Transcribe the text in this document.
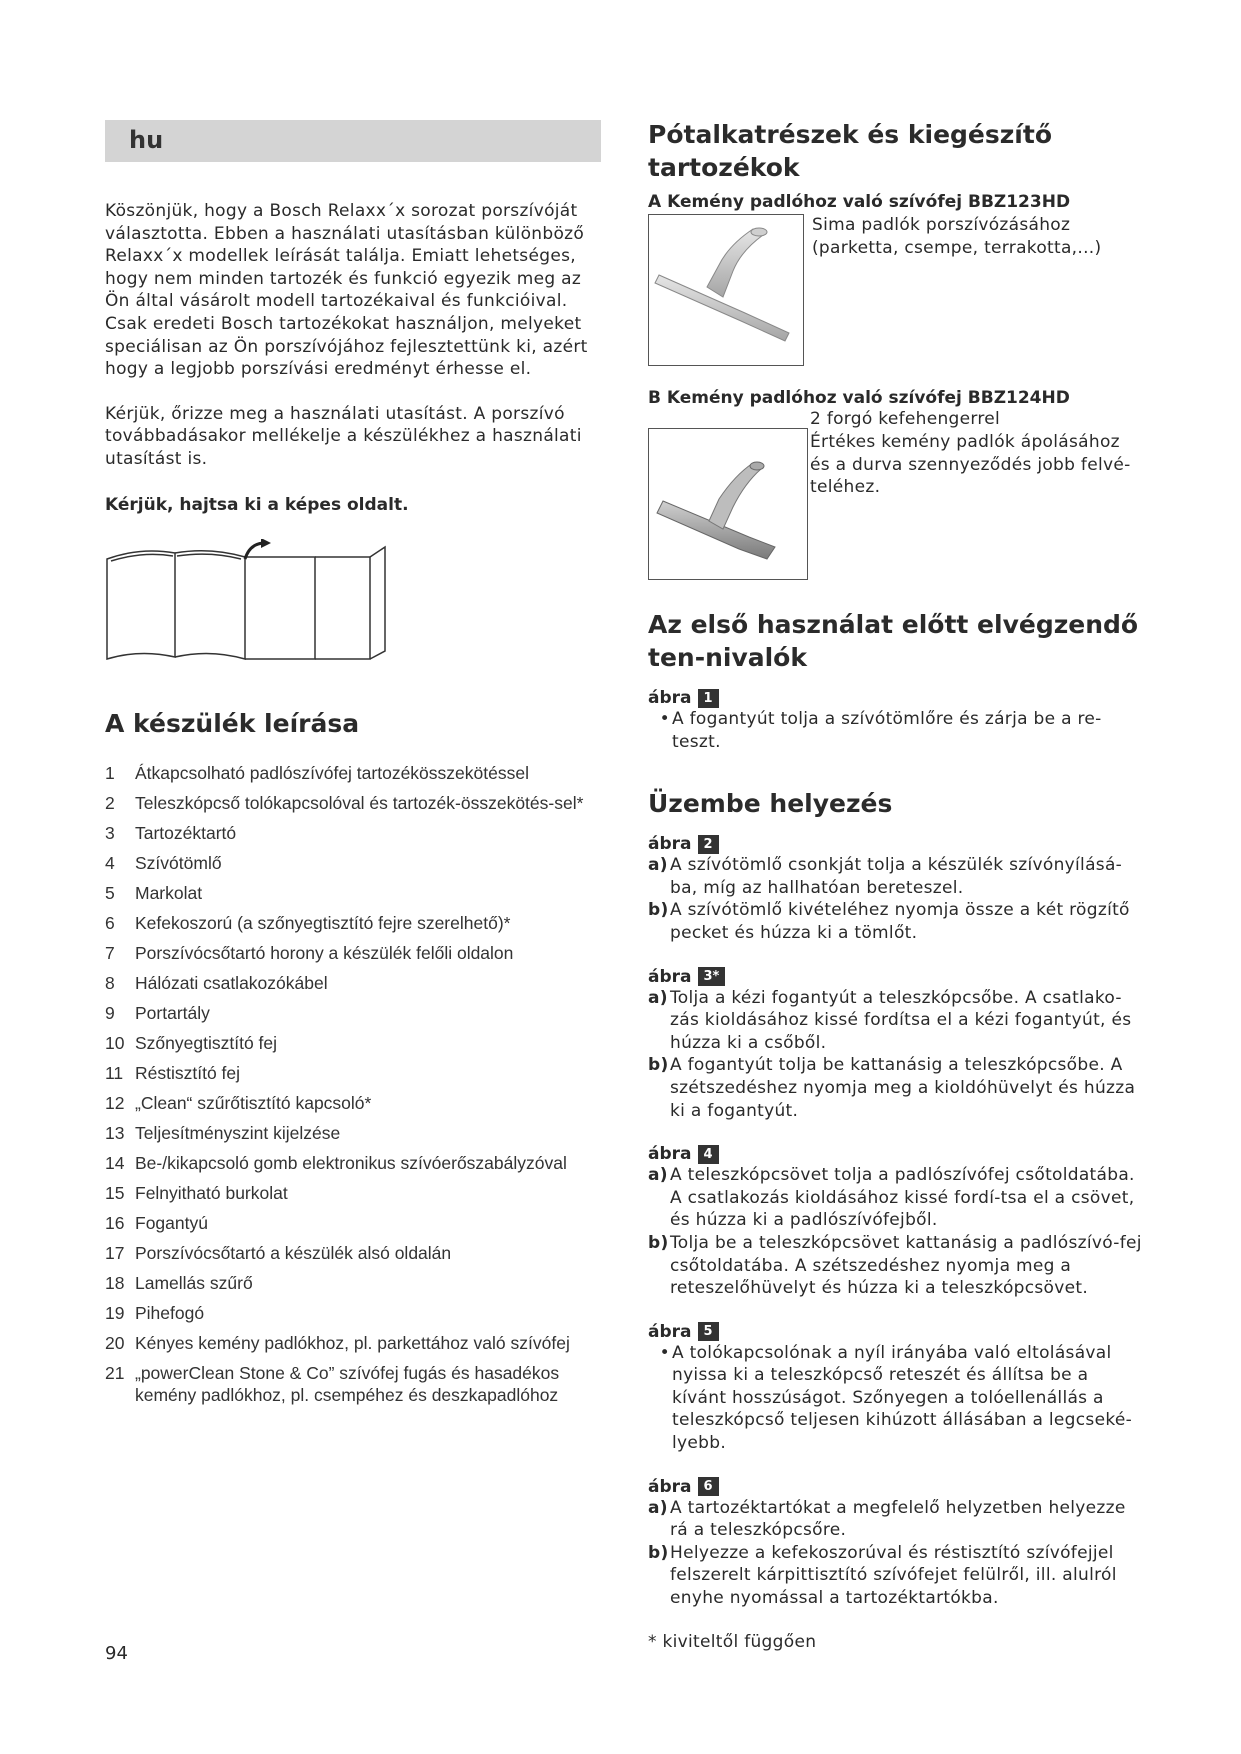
hu

Köszönjük, hogy a Bosch Relaxx´x sorozat porszívóját választotta. Ebben a használati utasításban különböző Relaxx´x modellek leírását találja. Emiatt lehetséges, hogy nem minden tartozék és funkció egyezik meg az Ön által vásárolt modell tartozékaival és funkcióival. Csak eredeti Bosch tartozékokat használjon, melyeket speciálisan az Ön porszívójához fejlesztettünk ki, azért hogy a legjobb porszívási eredményt érhesse el.

Kérjük, őrizze meg a használati utasítást. A porszívó továbbadásakor mellékelje a készülékhez a használati utasítást is.

Kérjük, hajtsa ki a képes oldalt.

A készülék leírása
1	Átkapcsolható padlószívófej tartozékösszekötéssel
2	Teleszkópcső tolókapcsolóval és tartozék-összekötés-sel*
3	Tartozéktartó
4	Szívótömlő
5	Markolat
6	Kefekoszorú (a szőnyegtisztító fejre szerelhető)*
7	Porszívócsőtartó horony a készülék felőli oldalon
8	Hálózati csatlakozókábel
9	Portartály
10 Szőnyegtisztító fej
11 Réstisztító fej
12 „Clean“ szűrőtisztító kapcsoló*
13 Teljesítményszint kijelzése
14 Be-/kikapcsoló gomb elektronikus szívóerőszabályzóval
15 Felnyitható burkolat
16 Fogantyú
17 Porszívócsőtartó a készülék alsó oldalán
18 Lamellás szűrő
19 Pihefogó
20 Kényes kemény padlókhoz, pl. parkettához való szívófej
21 „powerClean Stone & Co” szívófej fugás és hasadékos kemény padlókhoz, pl. csempéhez és deszkapadlóhoz
94
Pótalkatrészek és kiegészítő tartozékok

A Kemény padlóhoz való szívófej BBZ123HD

Sima padlók porszívózásához (parketta, csempe, terrakotta,...)

B Kemény padlóhoz való szívófej BBZ124HD

2 forgó kefehengerrel

Értékes kemény padlók ápolásához és a durva szennyeződés jobb felvé-teléhez.

Az első használat előtt elvégzendő ten-nivalók
ábra 1
• A fogantyút tolja a szívótömlőre és zárja be a re-teszt.
Üzembe helyezés
ábra 2
a) A szívótömlő csonkját tolja a készülék szívónyílásá-ba, míg az hallhatóan bereteszel.
b) A szívótömlő kivételéhez nyomja össze a két rögzítő pecket és húzza ki a tömlőt.
ábra 3*
a) Tolja a kézi fogantyút a teleszkópcsőbe. A csatlako-zás kioldásához kissé fordítsa el a kézi fogantyút, és húzza ki a csőből.
b) A fogantyút tolja be kattanásig a teleszkópcsőbe. A szétszedéshez nyomja meg a kioldóhüvelyt és húzza ki a fogantyút.
ábra 4
a) A teleszkópcsövet tolja a padlószívófej csőtoldatába. A csatlakozás kioldásához kissé fordí-tsa el a csövet, és húzza ki a padlószívófejből.
b) Tolja be a teleszkópcsövet kattanásig a padlószívó-fej csőtoldatába. A szétszedéshez nyomja meg a reteszelőhüvelyt és húzza ki a teleszkópcsövet.
ábra 5
• A tolókapcsolónak a nyíl irányába való eltolásával nyissa ki a teleszkópcső reteszét és állítsa be a kívánt hosszúságot. Szőnyegen a tolóellenállás a teleszkópcső teljesen kihúzott állásában a legcseké-lyebb.
ábra 6
a) A tartozéktartókat a megfelelő helyzetben helyezze rá a teleszkópcsőre.
b) Helyezze a kefekoszorúval és réstisztító szívófejjel felszerelt kárpittisztító szívófejet felülről, ill. alulról enyhe nyomással a tartozéktartókba.
* kiviteltől függően
